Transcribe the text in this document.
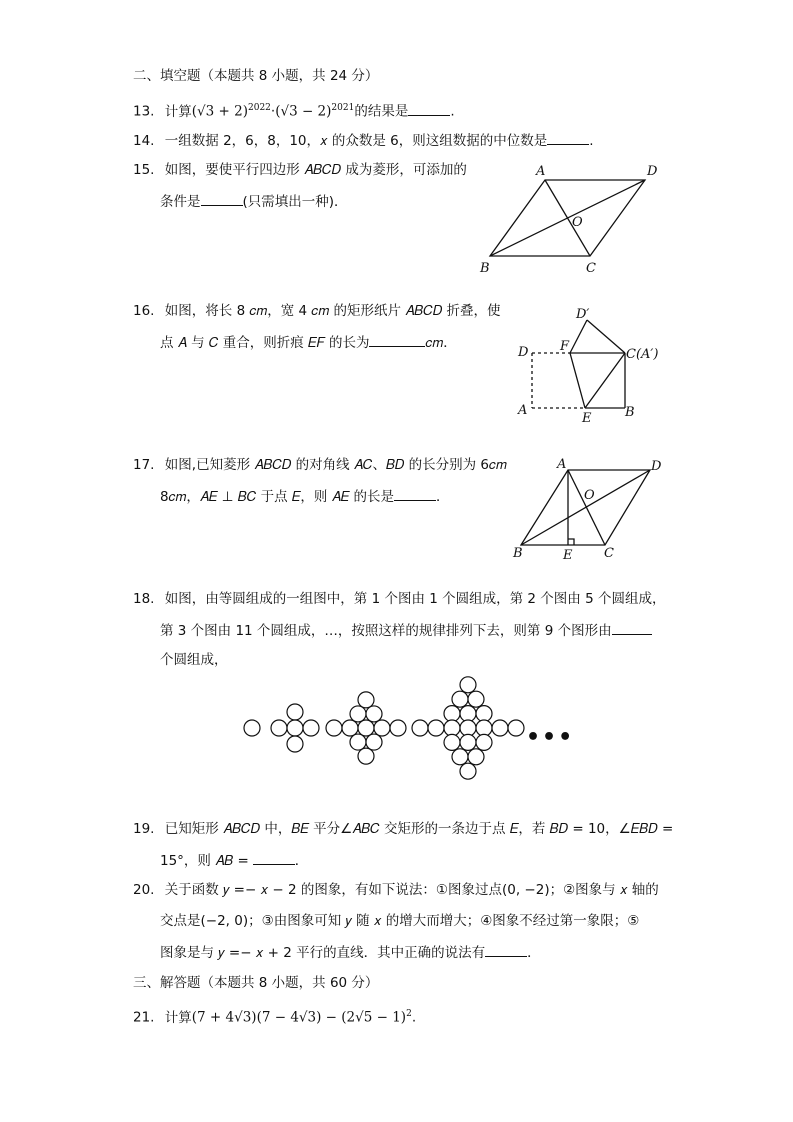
二、填空题（本题共 8 小题，共 24 分）
13. 计算$(√3 + 2)^{2022}\cdot(√3 - 2)^{2021}$的结果是	.
14. 一组数据 2，6，8，10，𝑥 的众数是 6，则这组数据的中位数是	.
15. 如图，要使平行四边形 𝐴𝐵𝐶𝐷 成为菱形，可添加的
条件是	(只需填出一种)．
A	D
O
B	C
16. 如图，将长 8 𝑐𝑚，宽 4 𝑐𝑚 的矩形纸片 𝐴𝐵𝐶𝐷 折叠，使
点 𝐴 与 𝐶 重合，则折痕 𝐸𝐹 的长为	𝑐𝑚．
D′
D F
C(A′)
A
E	B
17. 如图,已知菱形 𝐴𝐵𝐶𝐷 的对角线 𝐴𝐶、𝐵𝐷 的长分别为 6𝑐𝑚
8𝑐𝑚，𝐴𝐸 ⊥ 𝐵𝐶 于点 𝐸，则 𝐴𝐸 的长是	．
A	D
O
B	E C
18. 如图，由等圆组成的一组图中，第 1 个图由 1 个圆组成，第 2 个图由 5 个圆组成，
第 3 个图由 11 个圆组成，…，按照这样的规律排列下去，则第 9 个图形由
个圆组成，
•••
19. 已知矩形 𝐴𝐵𝐶𝐷 中，𝐵𝐸 平分∠𝐴𝐵𝐶 交矩形的一条边于点 𝐸，若 𝐵𝐷 = 10，∠𝐸𝐵𝐷 =
15°，则 𝐴𝐵 =	．
20. 关于函数 𝑦 =− 𝑥 − 2 的图象，有如下说法：①图象过点(0, −2)；②图象与 𝑥 轴的
交点是(−2, 0)；③由图象可知 𝑦 随 𝑥 的增大而增大；④图象不经过第一象限；⑤
图象是与 𝑦 =− 𝑥 + 2 平行的直线．其中正确的说法有	．
三、解答题（本题共 8 小题，共 60 分）
21. 计算$(7 + 4√3)(7 - 4√3) - (2√5 - 1)^2$.
